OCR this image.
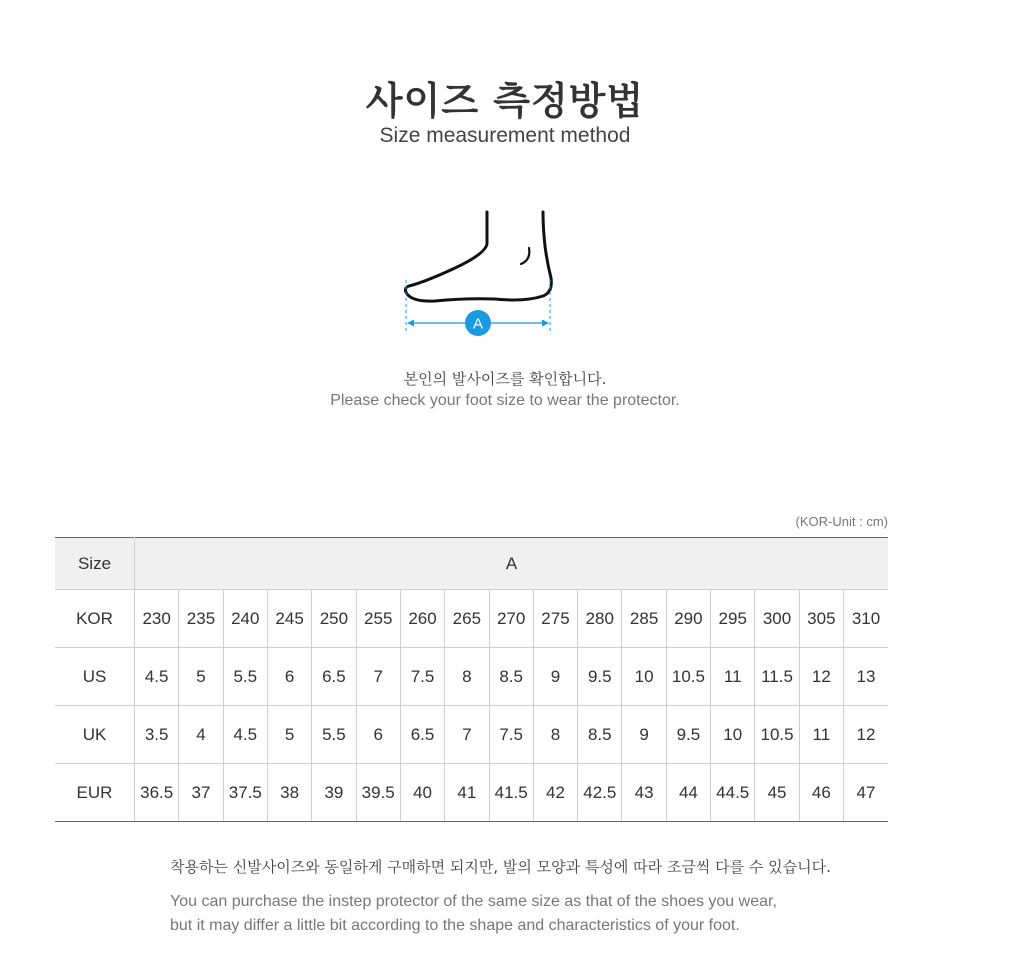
사이즈 측정방법
Size measurement method
A
본인의 발사이즈를 확인합니다.
Please check your foot size to wear the protector.
(KOR-Unit : cm)
Size	A																
KOR	230	235	240	245	250	255	260	265	270	275	280	285	290	295	300	305	310
US	4.5	5	5.5	6	6.5	7	7.5	8	8.5	9	9.5	10	10.5	11	11.5	12	13
UK	3.5	4	4.5	5	5.5	6	6.5	7	7.5	8	8.5	9	9.5	10	10.5	11	12
EUR	36.5	37	37.5	38	39	39.5	40	41	41.5	42	42.5	43	44	44.5	45	46	47
착용하는 신발사이즈와 동일하게 구매하면 되지만, 발의 모양과 특성에 따라 조금씩 다를 수 있습니다.
You can purchase the instep protector of the same size as that of the shoes you wear,
but it may differ a little bit according to the shape and characteristics of your foot.
